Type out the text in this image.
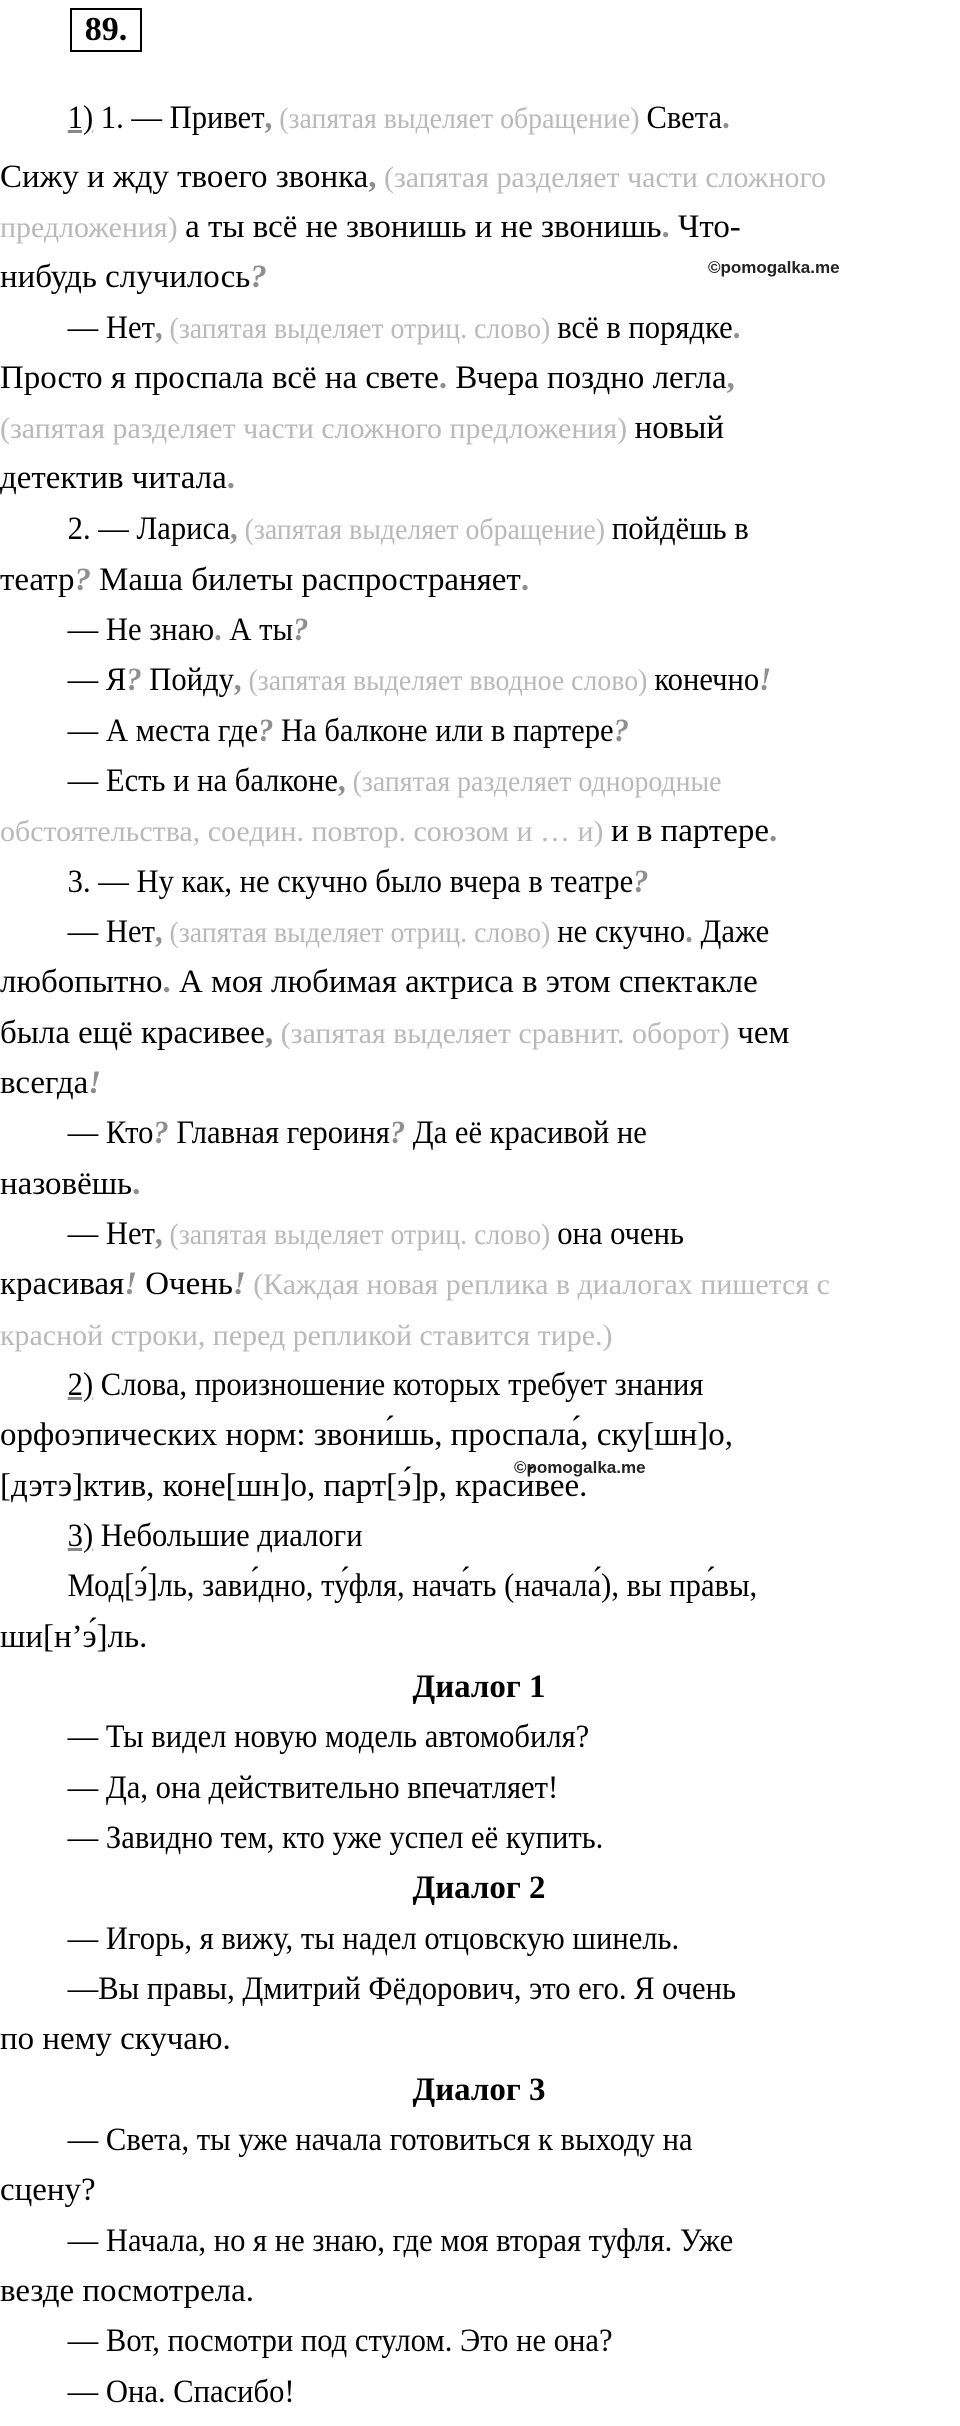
89.
1) 1. — Привет, (запятая выделяет обращение) Света.
Сижу и жду твоего звонка, (запятая разделяет части сложного
предложения) а ты всё не звонишь и не звонишь. Что-
нибудь случилось?	©pomogalka.me
— Нет, (запятая выделяет отриц. слово) всё в порядке.
Просто я проспала всё на свете. Вчера поздно легла,
(запятая разделяет части сложного предложения) новый
детектив читала.
2. — Лариса, (запятая выделяет обращение) пойдёшь в
театр? Маша билеты распространяет.
— Не знаю. А ты?
— Я? Пойду, (запятая выделяет вводное слово) конечно!
— А места где? На балконе или в партере?
— Есть и на балконе, (запятая разделяет однородные
обстоятельства, соедин. повтор. союзом и … и) и в партере.
3. — Ну как, не скучно было вчера в театре?
— Нет, (запятая выделяет отриц. слово) не скучно. Даже
любопытно. А моя любимая актриса в этом спектакле
была ещё красивее, (запятая выделяет сравнит. оборот) чем
всегда!
— Кто? Главная героиня? Да её красивой не
назовёшь.
— Нет, (запятая выделяет отриц. слово) она очень
красивая! Очень! (Каждая новая реплика в диалогах пишется с
красной строки, перед репликой ставится тире.)
2) Слова, произношение которых требует знания
орфоэпических норм: звони́шь, проспала́, ску[шн]о,
©pomogalka.me
[дэтэ]ктив, коне[шн]о, парт[э́]р, краси́вее.
3) Небольшие диалоги
Мод[э́]ль, зави́дно, ту́фля, нача́ть (начала́), вы пра́вы,
ши[н’э́]ль.
Диалог 1
— Ты видел новую модель автомобиля?
— Да, она действительно впечатляет!
— Завидно тем, кто уже успел её купить.
Диалог 2
— Игорь, я вижу, ты надел отцовскую шинель.
—Вы правы, Дмитрий Фёдорович, это его. Я очень
по нему скучаю.
Диалог 3
— Света, ты уже начала готовиться к выходу на
сцену?
— Начала, но я не знаю, где моя вторая туфля. Уже
везде посмотрела.
— Вот, посмотри под стулом. Это не она?
— Она. Спасибо!
